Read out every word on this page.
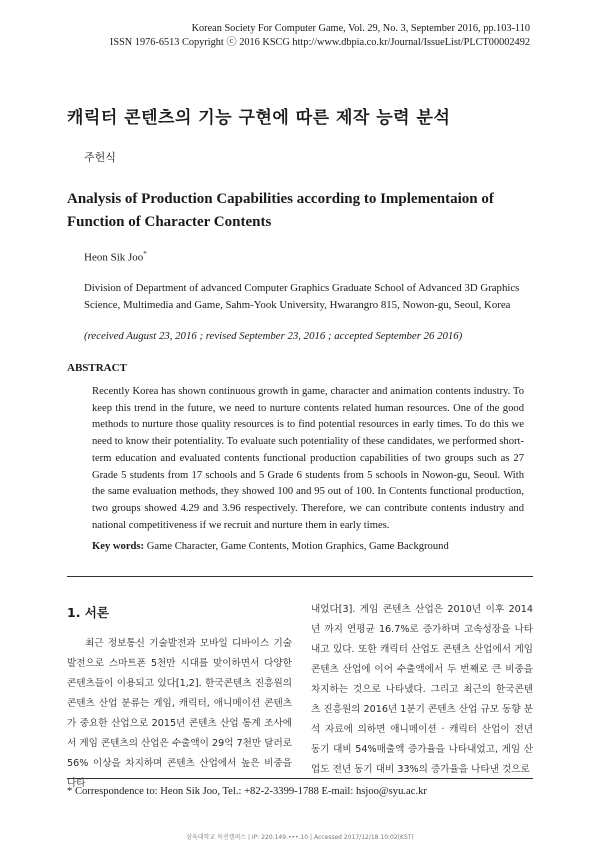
Korean Society For Computer Game, Vol. 29, No. 3, September 2016, pp.103-110
ISSN 1976-6513 Copyright ⓒ 2016 KSCG http://www.dbpia.co.kr/Journal/IssueList/PLCT00002492
캐릭터 콘텐츠의 기능 구현에 따른 제작 능력 분석
주헌식
Analysis of Production Capabilities according to Implementaion of Function of Character Contents
Heon Sik Joo*
Division of Department of advanced Computer Graphics Graduate School of Advanced 3D Graphics Science, Multimedia and Game, Sahm-Yook University, Hwarangro 815, Nowon-gu, Seoul, Korea
(received August 23, 2016 ; revised September 23, 2016 ; accepted September 26 2016)
ABSTRACT
Recently Korea has shown continuous growth in game, character and animation contents industry. To keep this trend in the future, we need to nurture contents related human resources. One of the good methods to nurture those quality resources is to find potential resources in early times. To do this we need to know their potentiality. To evaluate such potentiality of these candidates, we performed short-term education and evaluated contents functional production capabilities of two groups such as 27 Grade 5 students from 17 schools and 5 Grade 6 students from 5 schools in Nowon-gu, Seoul. With the same evaluation methods, they showed 100 and 95 out of 100. In Contents functional production, two groups showed 4.29 and 3.96 respectively. Therefore, we can contribute contents industry and national competitiveness if we recruit and nurture them in early times.
Key words: Game Character, Game Contents, Motion Graphics, Game Background
1. 서론
최근 정보통신 기술발전과 모바일 디바이스 기술 발전으로 스마트폰 5천만 시대를 맞이하면서 다양한 콘텐츠들이 이용되고 있다[1,2]. 한국콘텐츠 진흥원의 콘텐츠 산업 분류는 게임, 캐릭터, 애니메이션 콘텐츠가 중요한 산업으로 2015년 콘텐츠 산업 통계 조사에서 게임 콘텐츠의 산업은 수출액이 29억 7천만 달러로 56% 이상을 차지하며 콘텐츠 산업에서 높은 비중을 나타
내었다[3]. 게임 콘텐츠 산업은 2010년 이후 2014년 까지 연평균 16.7%로 증가하며 고속성장을 나타내고 있다. 또한 캐릭터 산업도 콘텐츠 산업에서 게임 콘텐츠 산업에 이어 수출액에서 두 번째로 큰 비중을 차지하는 것으로 나타냈다. 그리고 최근의 한국콘텐츠 진흥원의 2016년 1분기 콘텐츠 산업 규모 동향 분석 자료에 의하면 애니메이션 · 캐릭터 산업이 전년 동기 대비 54%매출액 증가율을 나타내었고, 게임 산업도 전년 동기 대비 33%의 증가율을 나타낸 것으로
* Correspondence to: Heon Sik Joo, Tel.: +82-2-3399-1788 E-mail: hsjoo@syu.ac.kr
삼육대학교 독전캠퍼스 | IP: 220.149.•••.10 | Accessed 2017/12/18 10:02(KST)
